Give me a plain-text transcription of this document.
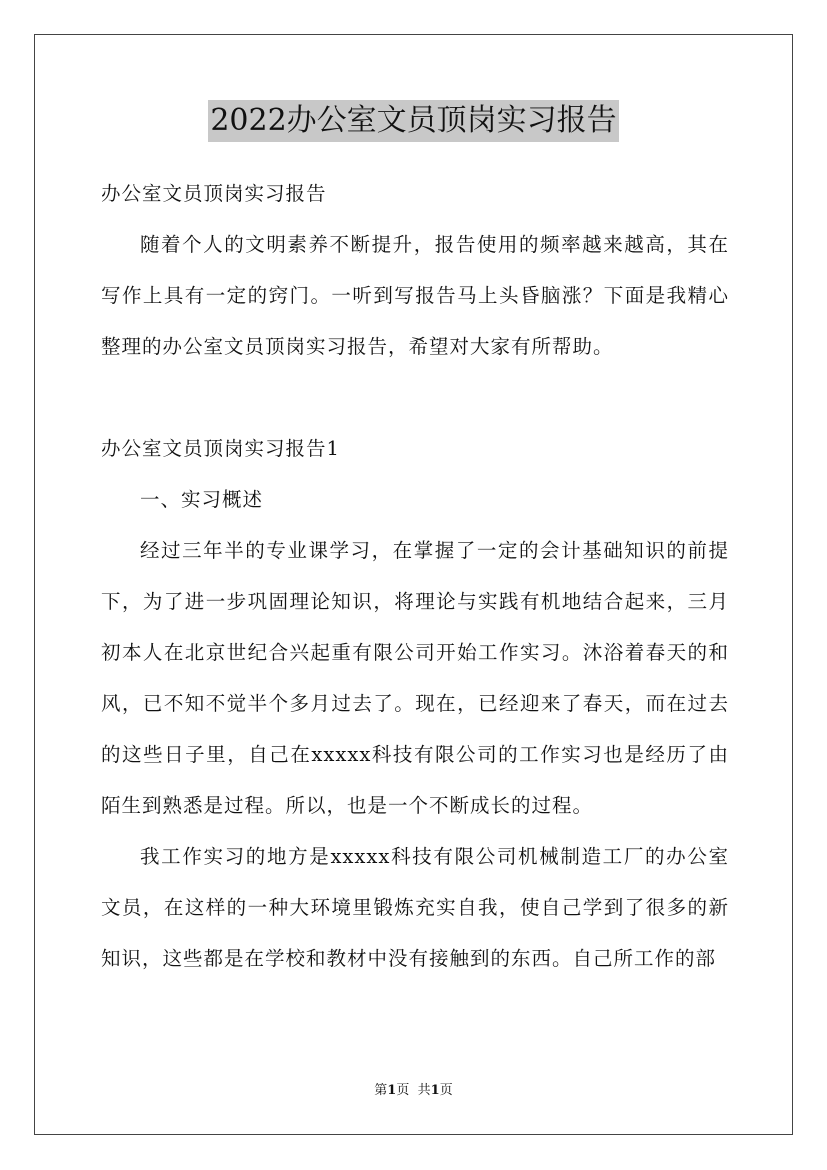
2022办公室文员顶岗实习报告

办公室文员顶岗实习报告

随着个人的文明素养不断提升，报告使用的频率越来越高，其在写作上具有一定的窍门。一听到写报告马上头昏脑涨？下面是我精心整理的办公室文员顶岗实习报告，希望对大家有所帮助。

办公室文员顶岗实习报告1

一、实习概述

经过三年半的专业课学习，在掌握了一定的会计基础知识的前提下，为了进一步巩固理论知识，将理论与实践有机地结合起来，三月初本人在北京世纪合兴起重有限公司开始工作实习。沐浴着春天的和风，已不知不觉半个多月过去了。现在，已经迎来了春天，而在过去的这些日子里，自己在xxxxx科技有限公司的工作实习也是经历了由陌生到熟悉是过程。所以，也是一个不断成长的过程。

我工作实习的地方是xxxxx科技有限公司机械制造工厂的办公室文员，在这样的一种大环境里锻炼充实自我，使自己学到了很多的新知识，这些都是在学校和教材中没有接触到的东西。自己所工作的部

第1页 共1页
